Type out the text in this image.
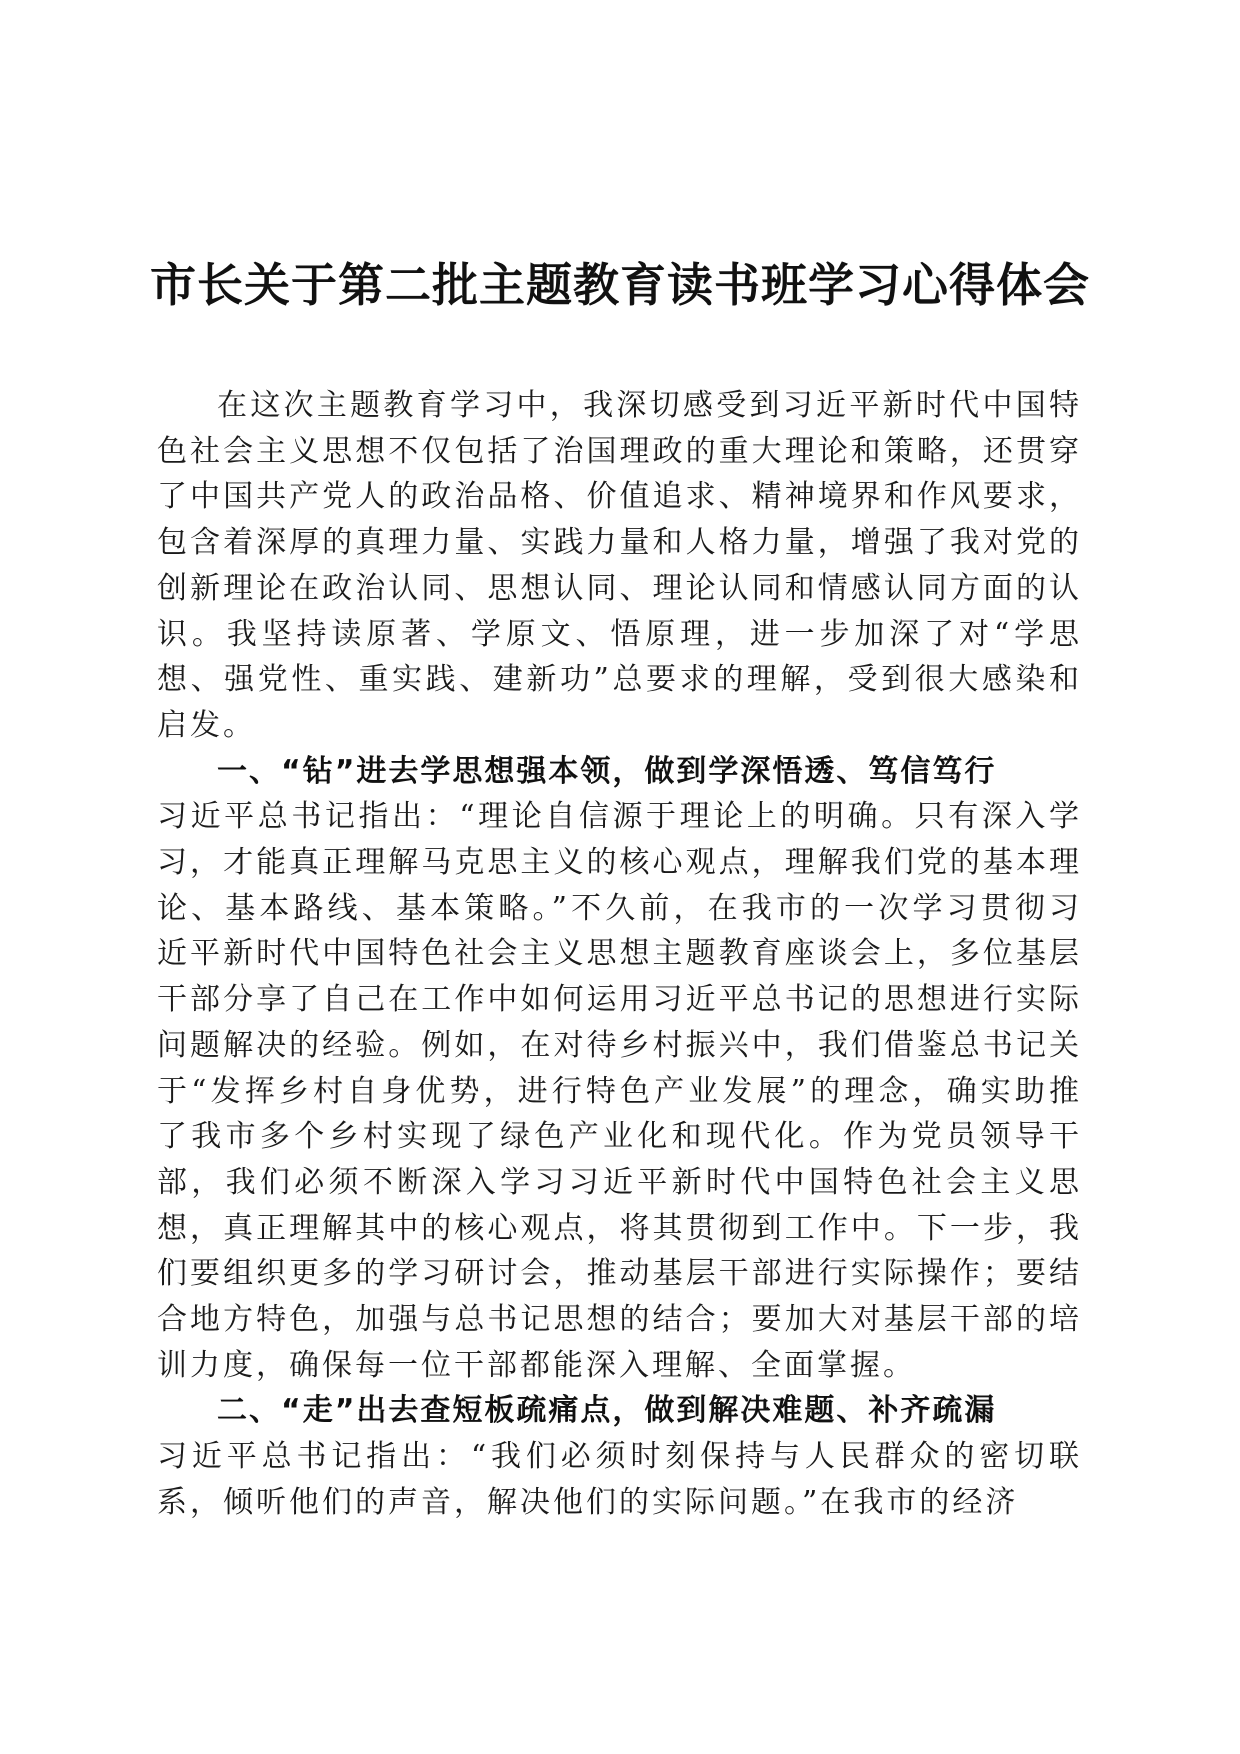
市长关于第二批主题教育读书班学习心得体会

在这次主题教育学习中，我深切感受到习近平新时代中国特色社会主义思想不仅包括了治国理政的重大理论和策略，还贯穿了中国共产党人的政治品格、价值追求、精神境界和作风要求，包含着深厚的真理力量、实践力量和人格力量，增强了我对党的创新理论在政治认同、思想认同、理论认同和情感认同方面的认识。我坚持读原著、学原文、悟原理，进一步加深了对“学思想、强党性、重实践、建新功”总要求的理解，受到很大感染和启发。

一、“钻”进去学思想强本领，做到学深悟透、笃信笃行

习近平总书记指出：“理论自信源于理论上的明确。只有深入学习，才能真正理解马克思主义的核心观点，理解我们党的基本理论、基本路线、基本策略。”不久前，在我市的一次学习贯彻习近平新时代中国特色社会主义思想主题教育座谈会上，多位基层干部分享了自己在工作中如何运用习近平总书记的思想进行实际问题解决的经验。例如，在对待乡村振兴中，我们借鉴总书记关于“发挥乡村自身优势，进行特色产业发展”的理念，确实助推了我市多个乡村实现了绿色产业化和现代化。作为党员领导干部，我们必须不断深入学习习近平新时代中国特色社会主义思想，真正理解其中的核心观点，将其贯彻到工作中。下一步，我们要组织更多的学习研讨会，推动基层干部进行实际操作；要结合地方特色，加强与总书记思想的结合；要加大对基层干部的培训力度，确保每一位干部都能深入理解、全面掌握。

二、“走”出去查短板疏痛点，做到解决难题、补齐疏漏

习近平总书记指出：“我们必须时刻保持与人民群众的密切联系，倾听他们的声音，解决他们的实际问题。”在我市的经济
